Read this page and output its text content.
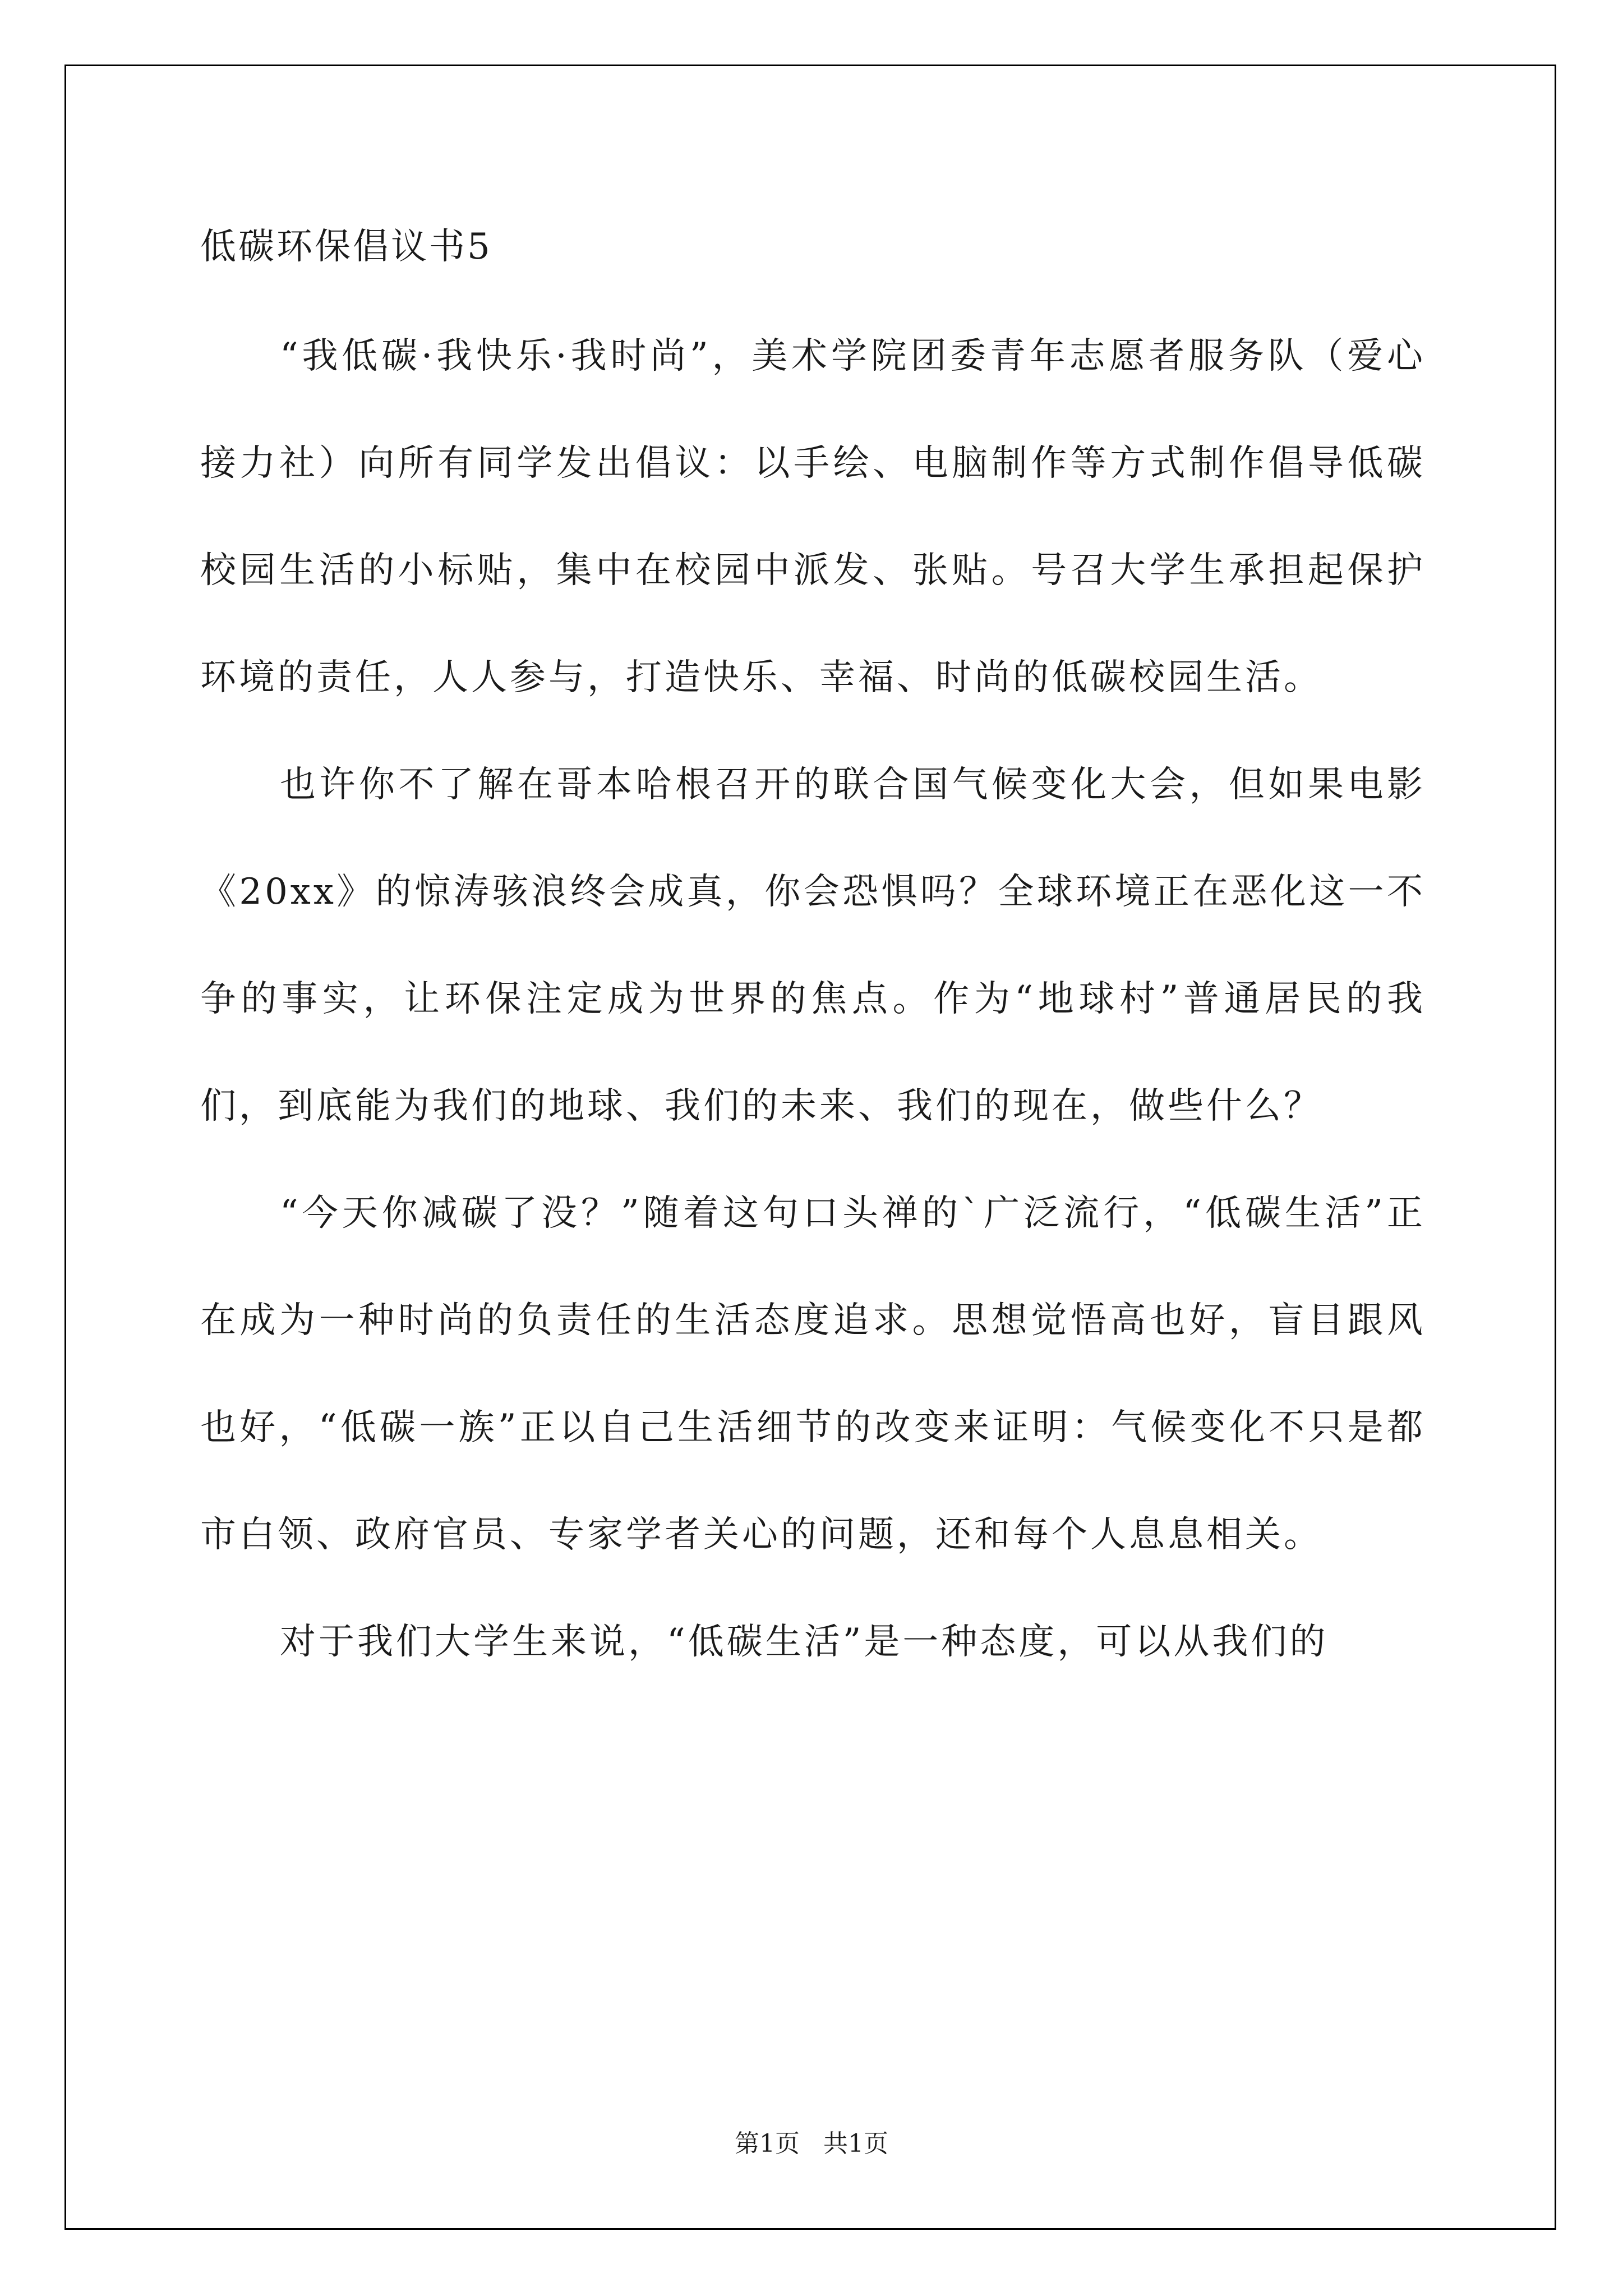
低碳环保倡议书5

“我低碳·我快乐·我时尚”，美术学院团委青年志愿者服务队（爱心接力社）向所有同学发出倡议：以手绘、电脑制作等方式制作倡导低碳校园生活的小标贴，集中在校园中派发、张贴。号召大学生承担起保护环境的责任，人人参与，打造快乐、幸福、时尚的低碳校园生活。

也许你不了解在哥本哈根召开的联合国气候变化大会，但如果电影《20xx》的惊涛骇浪终会成真，你会恐惧吗？全球环境正在恶化这一不争的事实，让环保注定成为世界的焦点。作为“地球村”普通居民的我们，到底能为我们的地球、我们的未来、我们的现在，做些什么？

“今天你减碳了没？”随着这句口头禅的`广泛流行，“低碳生活”正在成为一种时尚的负责任的生活态度追求。思想觉悟高也好，盲目跟风也好，“低碳一族”正以自己生活细节的改变来证明：气候变化不只是都市白领、政府官员、专家学者关心的问题，还和每个人息息相关。

对于我们大学生来说，“低碳生活”是一种态度，可以从我们的

第1页 共1页
